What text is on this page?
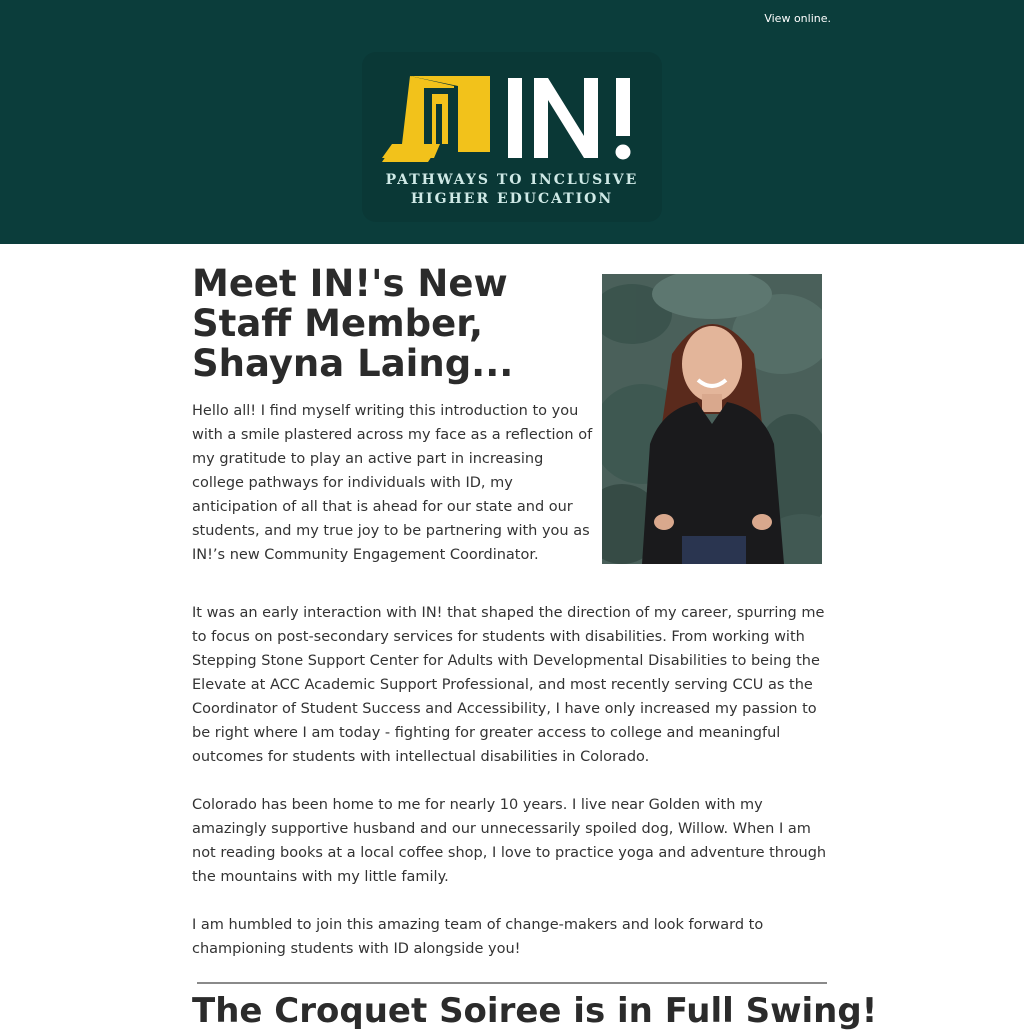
View online.
PATHWAYS TO INCLUSIVE
HIGHER EDUCATION
Meet IN!'s New Staff Member, Shayna Laing...

Hello all! I find myself writing this introduction to you with a smile plastered across my face as a reflection of my gratitude to play an active part in increasing college pathways for individuals with ID, my anticipation of all that is ahead for our state and our students, and my true joy to be partnering with you as IN!’s new Community Engagement Coordinator.

It was an early interaction with IN! that shaped the direction of my career, spurring me to focus on post-secondary services for students with disabilities. From working with Stepping Stone Support Center for Adults with Developmental Disabilities to being the Elevate at ACC Academic Support Professional, and most recently serving CCU as the Coordinator of Student Success and Accessibility, I have only increased my passion to be right where I am today - fighting for greater access to college and meaningful outcomes for students with intellectual disabilities in Colorado.

Colorado has been home to me for nearly 10 years. I live near Golden with my amazingly supportive husband and our unnecessarily spoiled dog, Willow. When I am not reading books at a local coffee shop, I love to practice yoga and adventure through the mountains with my little family.

I am humbled to join this amazing team of change-makers and look forward to championing students with ID alongside you!

The Croquet Soiree is in Full Swing!
